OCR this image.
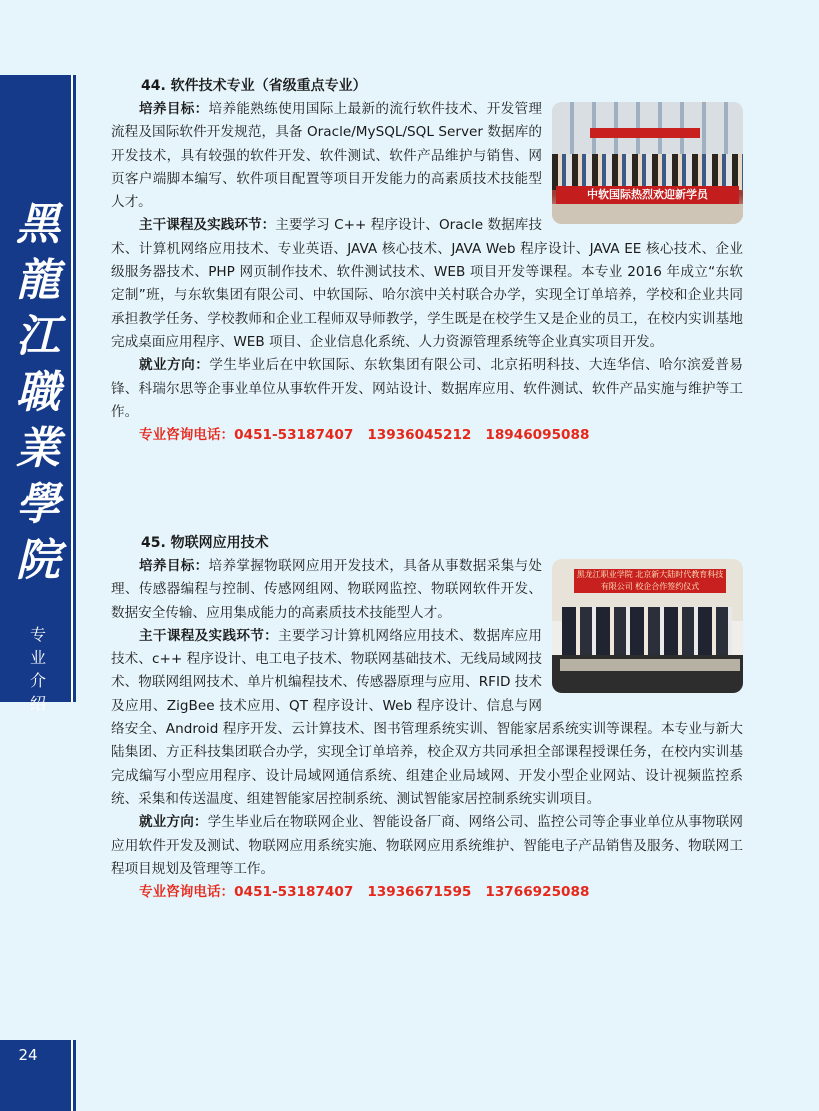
黑
龍
江
職
業
學
院
专
业
介
绍
24

44. 软件技术专业（省级重点专业）

中软国际热烈欢迎新学员

培养目标：培养能熟练使用国际上最新的流行软件技术、开发管理流程及国际软件开发规范，具备 Oracle/MySQL/SQL Server 数据库的开发技术，具有较强的软件开发、软件测试、软件产品维护与销售、网页客户端脚本编写、软件项目配置等项目开发能力的高素质技术技能型人才。

主干课程及实践环节：主要学习 C++ 程序设计、Oracle 数据库技术、计算机网络应用技术、专业英语、JAVA 核心技术、JAVA Web 程序设计、JAVA EE 核心技术、企业级服务器技术、PHP 网页制作技术、软件测试技术、WEB 项目开发等课程。本专业 2016 年成立“东软定制”班，与东软集团有限公司、中软国际、哈尔滨中关村联合办学，实现全订单培养，学校和企业共同承担教学任务、学校教师和企业工程师双导师教学，学生既是在校学生又是企业的员工，在校内实训基地完成桌面应用程序、WEB 项目、企业信息化系统、人力资源管理系统等企业真实项目开发。

就业方向：学生毕业后在中软国际、东软集团有限公司、北京拓明科技、大连华信、哈尔滨爱普易锋、科瑞尔思等企事业单位从事软件开发、网站设计、数据库应用、软件测试、软件产品实施与维护等工作。

专业咨询电话：0451-53187407 13936045212 18946095088

45. 物联网应用技术

黑龙江职业学院 北京新大陆时代教育科技有限公司 校企合作签约仪式

培养目标：培养掌握物联网应用开发技术，具备从事数据采集与处理、传感器编程与控制、传感网组网、物联网监控、物联网软件开发、数据安全传输、应用集成能力的高素质技术技能型人才。

主干课程及实践环节：主要学习计算机网络应用技术、数据库应用技术、c++ 程序设计、电工电子技术、物联网基础技术、无线局域网技术、物联网组网技术、单片机编程技术、传感器原理与应用、RFID 技术及应用、ZigBee 技术应用、QT 程序设计、Web 程序设计、信息与网络安全、Android 程序开发、云计算技术、图书管理系统实训、智能家居系统实训等课程。本专业与新大陆集团、方正科技集团联合办学，实现全订单培养，校企双方共同承担全部课程授课任务，在校内实训基完成编写小型应用程序、设计局域网通信系统、组建企业局域网、开发小型企业网站、设计视频监控系统、采集和传送温度、组建智能家居控制系统、测试智能家居控制系统实训项目。

就业方向：学生毕业后在物联网企业、智能设备厂商、网络公司、监控公司等企事业单位从事物联网应用软件开发及测试、物联网应用系统实施、物联网应用系统维护、智能电子产品销售及服务、物联网工程项目规划及管理等工作。

专业咨询电话：0451-53187407 13936671595 13766925088
